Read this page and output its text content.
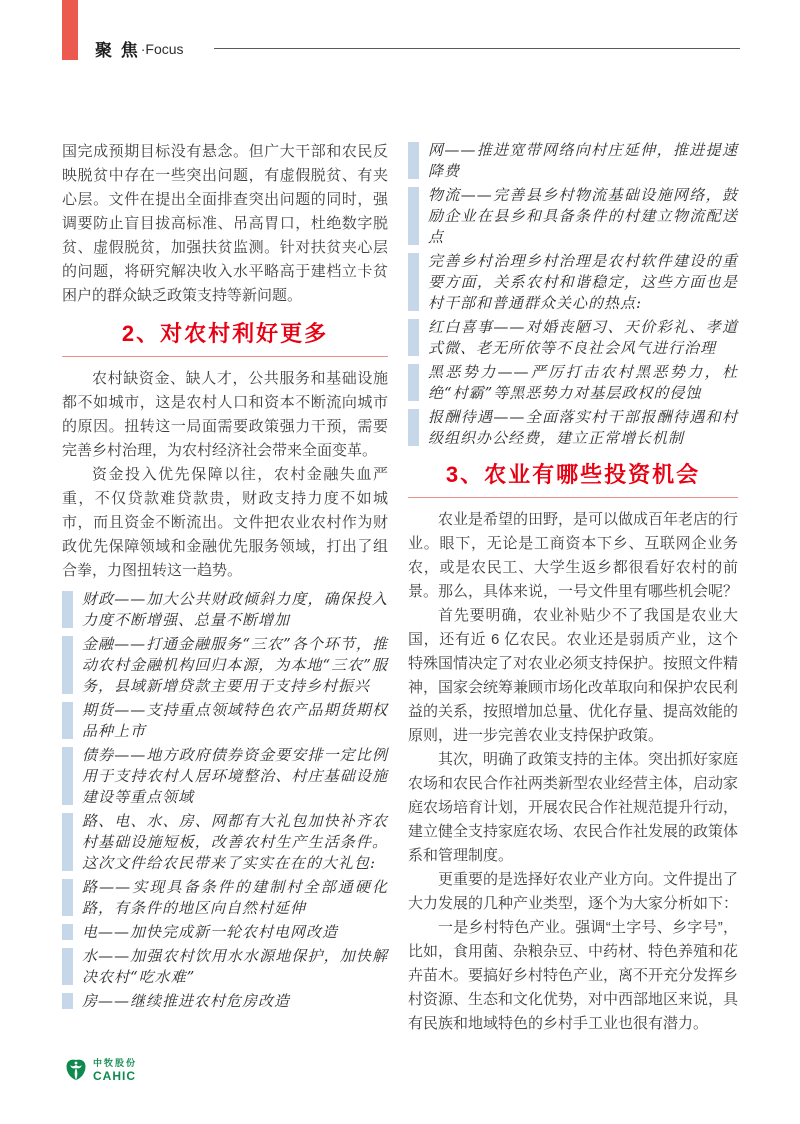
聚 焦 ·Focus

国完成预期目标没有悬念。但广大干部和农民反映脱贫中存在一些突出问题，有虚假脱贫、有夹心层。文件在提出全面排查突出问题的同时，强调要防止盲目拔高标准、吊高胃口，杜绝数字脱贫、虚假脱贫，加强扶贫监测。针对扶贫夹心层的问题，将研究解决收入水平略高于建档立卡贫困户的群众缺乏政策支持等新问题。

2、对农村利好更多

农村缺资金、缺人才，公共服务和基础设施都不如城市，这是农村人口和资本不断流向城市的原因。扭转这一局面需要政策强力干预，需要完善乡村治理，为农村经济社会带来全面变革。

资金投入优先保障以往，农村金融失血严重，不仅贷款难贷款贵，财政支持力度不如城市，而且资金不断流出。文件把农业农村作为财政优先保障领域和金融优先服务领域，打出了组合拳，力图扭转这一趋势。

财政——加大公共财政倾斜力度，确保投入力度不断增强、总量不断增加
金融——打通金融服务“三农”各个环节，推动农村金融机构回归本源，为本地“三农”服务，县域新增贷款主要用于支持乡村振兴
期货——支持重点领域特色农产品期货期权品种上市
债券——地方政府债券资金要安排一定比例用于支持农村人居环境整治、村庄基础设施建设等重点领域
路、电、水、房、网都有大礼包加快补齐农村基础设施短板，改善农村生产生活条件。这次文件给农民带来了实实在在的大礼包:
路——实现具备条件的建制村全部通硬化路，有条件的地区向自然村延伸
电——加快完成新一轮农村电网改造
水——加强农村饮用水水源地保护，加快解决农村“吃水难”
房——继续推进农村危房改造
网——推进宽带网络向村庄延伸，推进提速降费
物流——完善县乡村物流基础设施网络，鼓励企业在县乡和具备条件的村建立物流配送点
完善乡村治理乡村治理是农村软件建设的重要方面，关系农村和谐稳定，这些方面也是村干部和普通群众关心的热点:
红白喜事——对婚丧陋习、天价彩礼、孝道式微、老无所依等不良社会风气进行治理
黑恶势力——严厉打击农村黑恶势力，杜绝“村霸”等黑恶势力对基层政权的侵蚀
报酬待遇——全面落实村干部报酬待遇和村级组织办公经费，建立正常增长机制
3、农业有哪些投资机会

农业是希望的田野，是可以做成百年老店的行业。眼下，无论是工商资本下乡、互联网企业务农，或是农民工、大学生返乡都很看好农村的前景。那么，具体来说，一号文件里有哪些机会呢？

首先要明确，农业补贴少不了我国是农业大国，还有近 6 亿农民。农业还是弱质产业，这个特殊国情决定了对农业必须支持保护。按照文件精神，国家会统筹兼顾市场化改革取向和保护农民利益的关系，按照增加总量、优化存量、提高效能的原则，进一步完善农业支持保护政策。

其次，明确了政策支持的主体。突出抓好家庭农场和农民合作社两类新型农业经营主体，启动家庭农场培育计划，开展农民合作社规范提升行动，建立健全支持家庭农场、农民合作社发展的政策体系和管理制度。

更重要的是选择好农业产业方向。文件提出了大力发展的几种产业类型，逐个为大家分析如下：

一是乡村特色产业。强调“土字号、乡字号”，比如，食用菌、杂粮杂豆、中药材、特色养殖和花卉苗木。要搞好乡村特色产业，离不开充分发挥乡村资源、生态和文化优势，对中西部地区来说，具有民族和地域特色的乡村手工业也很有潜力。

中牧股份
CAHIC
